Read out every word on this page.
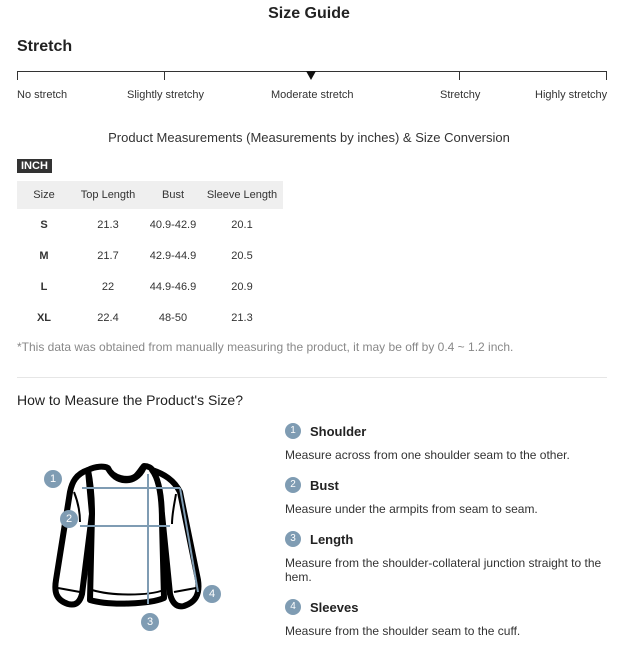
Size Guide
Stretch
No stretch	Slightly stretchy	Moderate stretch	Stretchy	Highly stretchy
Product Measurements (Measurements by inches) & Size Conversion
INCH
Size	Top Length	Bust	Sleeve Length
S	21.3	40.9-42.9	20.1
M	21.7	42.9-44.9	20.5
L	22	44.9-46.9	20.9
XL	22.4	48-50	21.3
*This data was obtained from manually measuring the product, it may be off by 0.4 ~ 1.2 inch.
How to Measure the Product's Size?
1
2
3
4
1	Shoulder
Measure across from one shoulder seam to the other.
2	Bust
Measure under the armpits from seam to seam.
3	Length
Measure from the shoulder-collateral junction straight to the hem.
4	Sleeves
Measure from the shoulder seam to the cuff.
